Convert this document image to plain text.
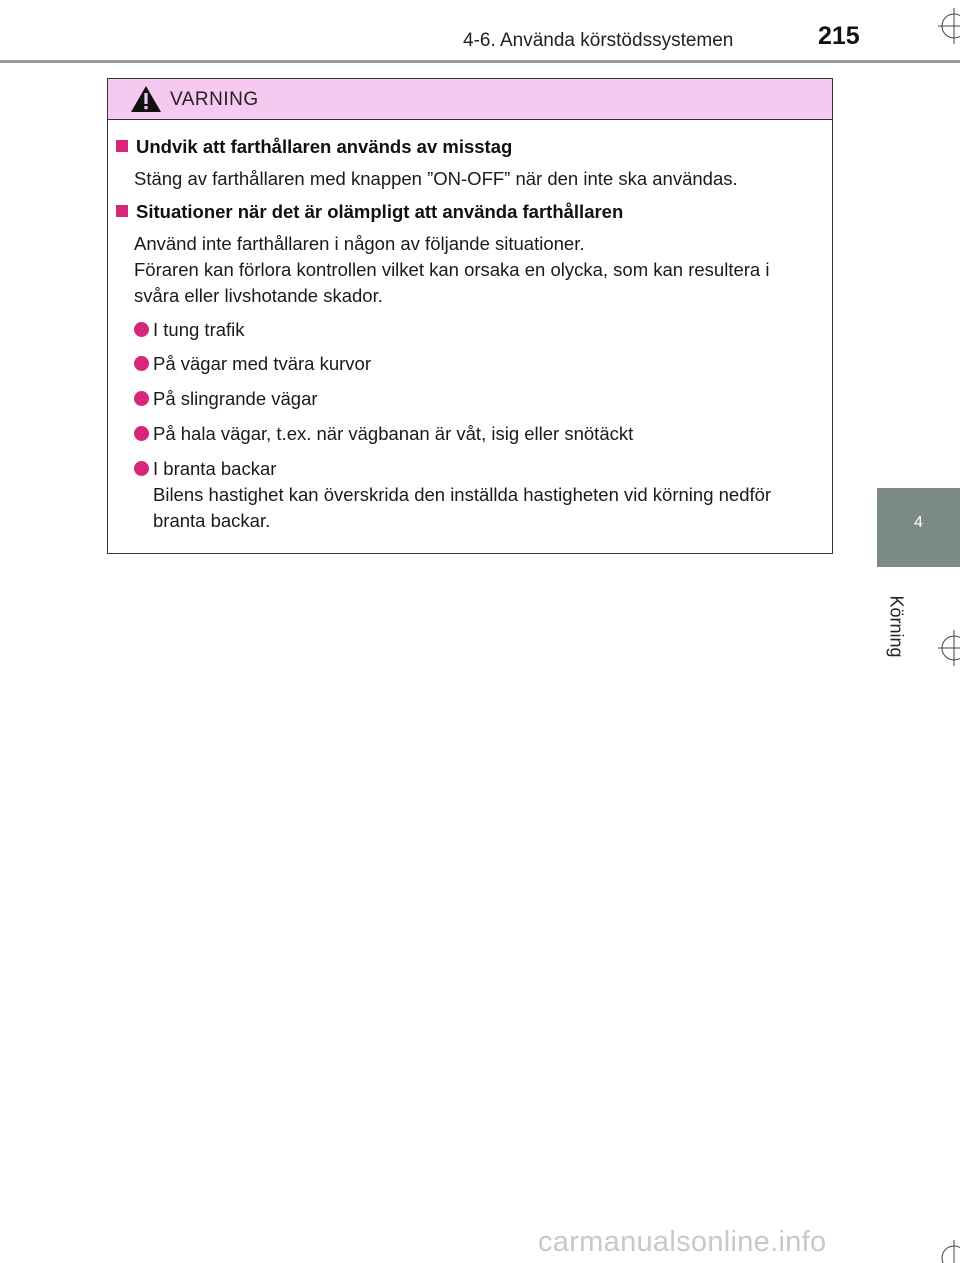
4-6. Använda körstödssystemen	215
4
Körning
VARNING
Undvik att farthållaren används av misstag
Stäng av farthållaren med knappen ”ON-OFF” när den inte ska användas.
Situationer när det är olämpligt att använda farthållaren
Använd inte farthållaren i någon av följande situationer.
Föraren kan förlora kontrollen vilket kan orsaka en olycka, som kan resultera i
svåra eller livshotande skador.
I tung trafik
På vägar med tvära kurvor
På slingrande vägar
På hala vägar, t.ex. när vägbanan är våt, isig eller snötäckt
I branta backar
Bilens hastighet kan överskrida den inställda hastigheten vid körning nedför
branta backar.
carmanualsonline.info
